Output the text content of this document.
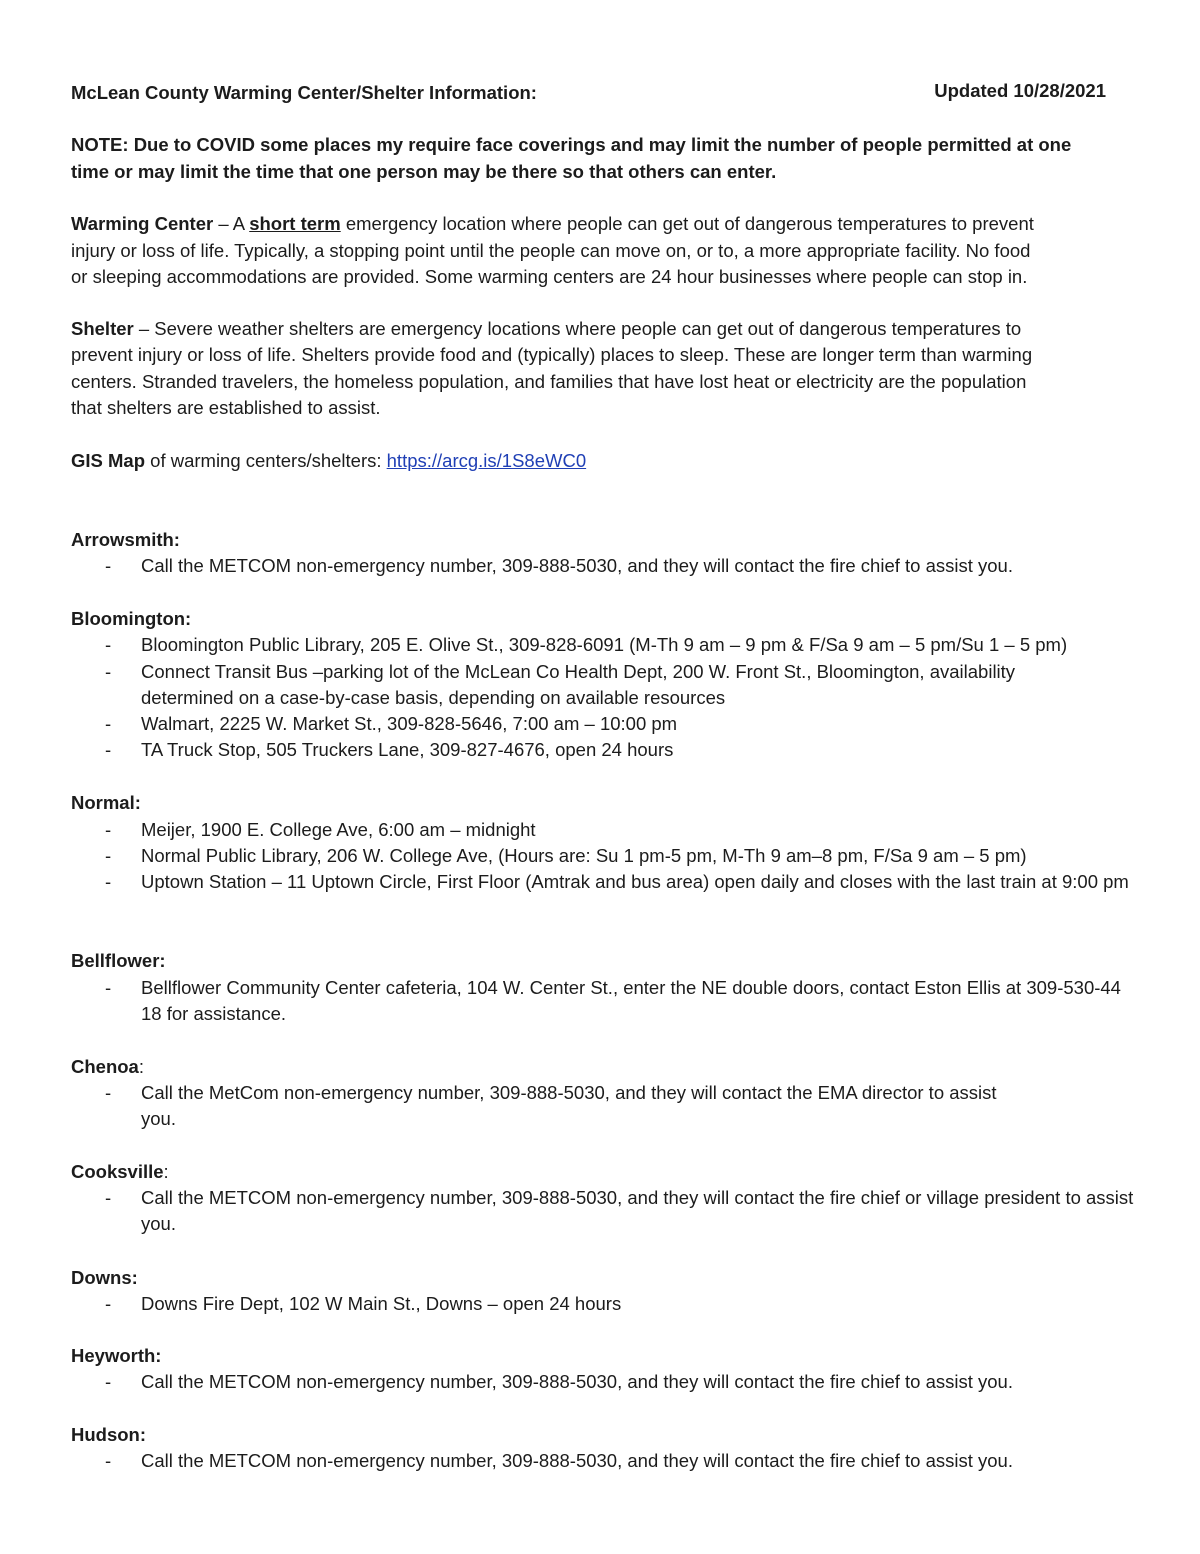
McLean County Warming Center/Shelter Information:	Updated 10/28/2021
NOTE: Due to COVID some places my require face coverings and may limit the number of people permitted at one
time or may limit the time that one person may be there so that others can enter.
Warming Center – A short term emergency location where people can get out of dangerous temperatures to prevent
injury or loss of life. Typically, a stopping point until the people can move on, or to, a more appropriate facility. No food
or sleeping accommodations are provided. Some warming centers are 24 hour businesses where people can stop in.
Shelter – Severe weather shelters are emergency locations where people can get out of dangerous temperatures to
prevent injury or loss of life. Shelters provide food and (typically) places to sleep. These are longer term than warming
centers. Stranded travelers, the homeless population, and families that have lost heat or electricity are the population
that shelters are established to assist.
GIS Map of warming centers/shelters: https://arcg.is/1S8eWC0
Arrowsmith:
- Call the METCOM non-emergency number, 309-888-5030, and they will contact the fire chief to assist you.
Bloomington:
- Bloomington Public Library, 205 E. Olive St., 309-828-6091 (M-Th 9 am – 9 pm & F/Sa 9 am – 5 pm/Su 1 – 5 pm)
- Connect Transit Bus –parking lot of the McLean Co Health Dept, 200 W. Front St., Bloomington, availability determined on a case-by-case basis, depending on available resources
- Walmart, 2225 W. Market St., 309-828-5646, 7:00 am – 10:00 pm
- TA Truck Stop, 505 Truckers Lane, 309-827-4676, open 24 hours
Normal:
- Meijer, 1900 E. College Ave, 6:00 am – midnight
- Normal Public Library, 206 W. College Ave, (Hours are: Su 1 pm-5 pm, M-Th 9 am–8 pm, F/Sa 9 am – 5 pm)
- Uptown Station – 11 Uptown Circle, First Floor (Amtrak and bus area) open daily and closes with the last train at 9:00 pm
Bellflower:
- Bellflower Community Center cafeteria, 104 W. Center St., enter the NE double doors, contact Eston Ellis at 309-530-4418 for assistance.
Chenoa:
- Call the MetCom non-emergency number, 309-888-5030, and they will contact the EMA director to assist you.
Cooksville:
- Call the METCOM non-emergency number, 309-888-5030, and they will contact the fire chief or village president to assist you.
Downs:
- Downs Fire Dept, 102 W Main St., Downs – open 24 hours
Heyworth:
- Call the METCOM non-emergency number, 309-888-5030, and they will contact the fire chief to assist you.
Hudson:
- Call the METCOM non-emergency number, 309-888-5030, and they will contact the fire chief to assist you.
